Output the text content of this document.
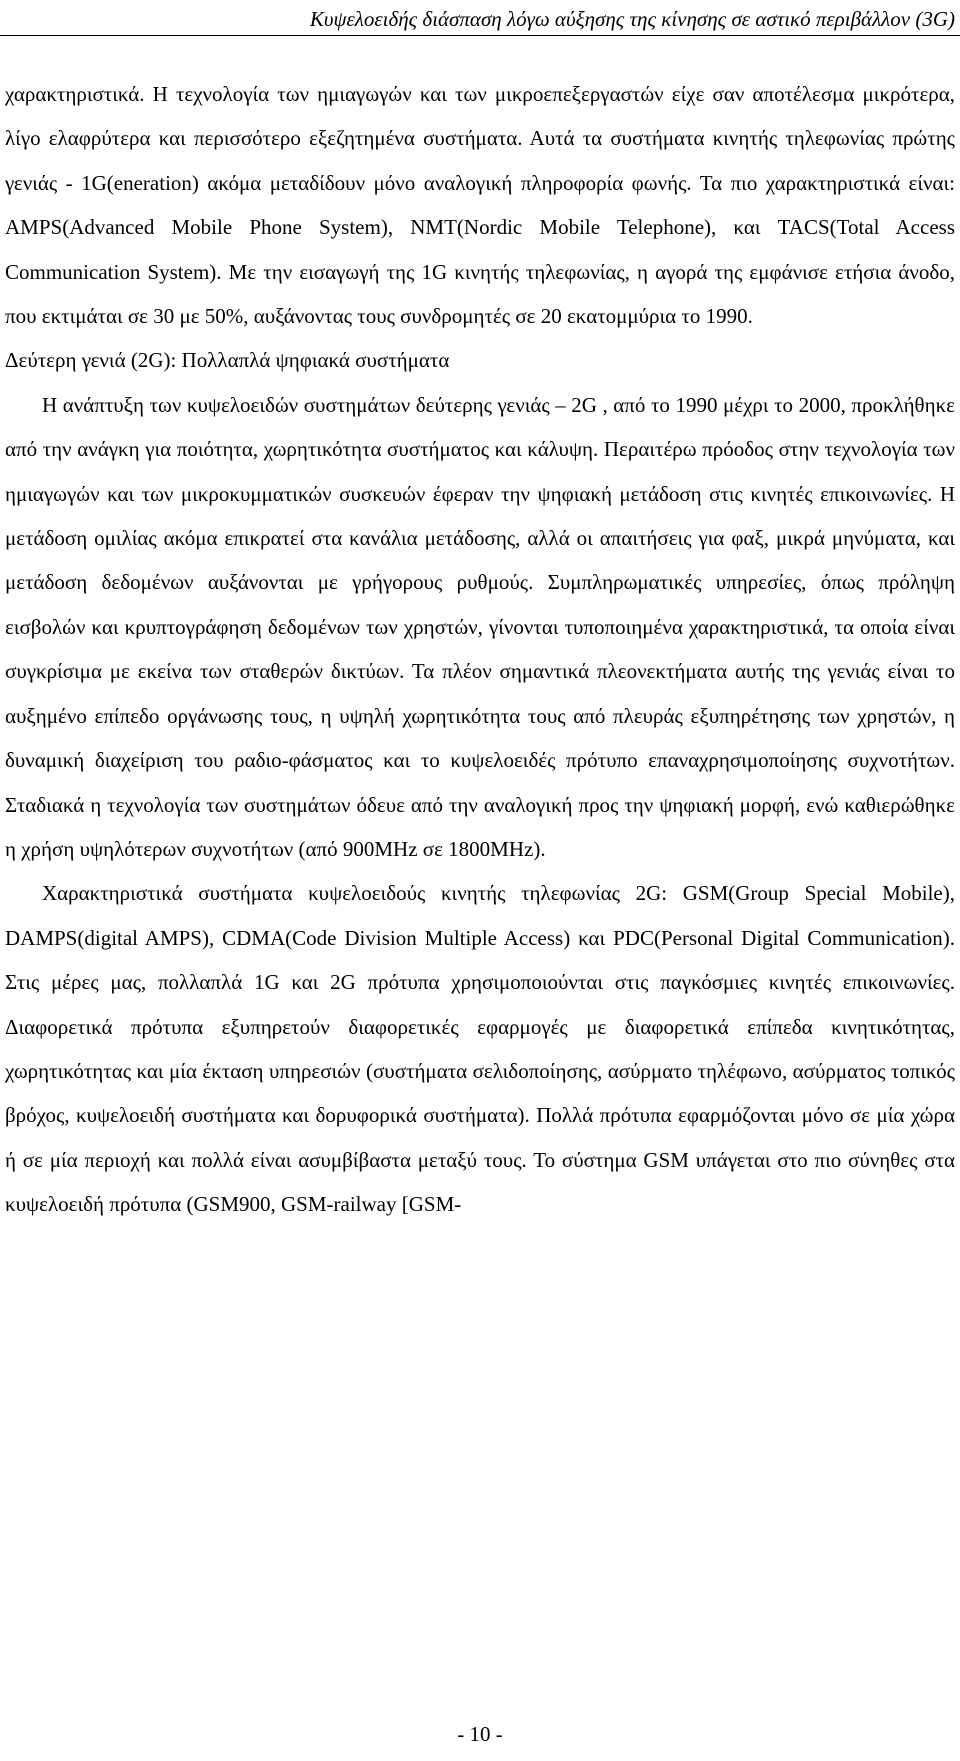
Κυψελοειδής διάσπαση λόγω αύξησης της κίνησης σε αστικό περιβάλλον (3G)

χαρακτηριστικά. Η τεχνολογία των ημιαγωγών και των μικροεπεξεργαστών είχε σαν αποτέλεσμα μικρότερα, λίγο ελαφρύτερα και περισσότερο εξεζητημένα συστήματα. Αυτά τα συστήματα κινητής τηλεφωνίας πρώτης γενιάς - 1G(eneration) ακόμα μεταδίδουν μόνο αναλογική πληροφορία φωνής. Τα πιο χαρακτηριστικά είναι: AMPS(Advanced Mobile Phone System), NMT(Nordic Mobile Telephone), και TACS(Total Access Communication System). Με την εισαγωγή της 1G κινητής τηλεφωνίας, η αγορά της εμφάνισε ετήσια άνοδο, που εκτιμάται σε 30 με 50%, αυξάνοντας τους συνδρομητές σε 20 εκατομμύρια το 1990.

Δεύτερη γενιά (2G): Πολλαπλά ψηφιακά συστήματα

Η ανάπτυξη των κυψελοειδών συστημάτων δεύτερης γενιάς – 2G , από το 1990 μέχρι το 2000, προκλήθηκε από την ανάγκη για ποιότητα, χωρητικότητα συστήματος και κάλυψη. Περαιτέρω πρόοδος στην τεχνολογία των ημιαγωγών και των μικροκυμματικών συσκευών έφεραν την ψηφιακή μετάδοση στις κινητές επικοινωνίες. Η μετάδοση ομιλίας ακόμα επικρατεί στα κανάλια μετάδοσης, αλλά οι απαιτήσεις για φαξ, μικρά μηνύματα, και μετάδοση δεδομένων αυξάνονται με γρήγορους ρυθμούς. Συμπληρωματικές υπηρεσίες, όπως πρόληψη εισβολών και κρυπτογράφηση δεδομένων των χρηστών, γίνονται τυποποιημένα χαρακτηριστικά, τα οποία είναι συγκρίσιμα με εκείνα των σταθερών δικτύων. Τα πλέον σημαντικά πλεονεκτήματα αυτής της γενιάς είναι το αυξημένο επίπεδο οργάνωσης τους, η υψηλή χωρητικότητα τους από πλευράς εξυπηρέτησης των χρηστών, η δυναμική διαχείριση του ραδιο-φάσματος και το κυψελοειδές πρότυπο επαναχρησιμοποίησης συχνοτήτων. Σταδιακά η τεχνολογία των συστημάτων όδευε από την αναλογική προς την ψηφιακή μορφή, ενώ καθιερώθηκε η χρήση υψηλότερων συχνοτήτων (από 900MHz σε 1800MHz).

Χαρακτηριστικά συστήματα κυψελοειδούς κινητής τηλεφωνίας 2G: GSM(Group Special Mobile), DAMPS(digital AMPS), CDMA(Code Division Multiple Access) και PDC(Personal Digital Communication). Στις μέρες μας, πολλαπλά 1G και 2G πρότυπα χρησιμοποιούνται στις παγκόσμιες κινητές επικοινωνίες. Διαφορετικά πρότυπα εξυπηρετούν διαφορετικές εφαρμογές με διαφορετικά επίπεδα κινητικότητας, χωρητικότητας και μία έκταση υπηρεσιών (συστήματα σελιδοποίησης, ασύρματο τηλέφωνο, ασύρματος τοπικός βρόχος, κυψελοειδή συστήματα και δορυφορικά συστήματα). Πολλά πρότυπα εφαρμόζονται μόνο σε μία χώρα ή σε μία περιοχή και πολλά είναι ασυμβίβαστα μεταξύ τους. Το σύστημα GSM υπάγεται στο πιο σύνηθες στα κυψελοειδή πρότυπα (GSM900, GSM-railway [GSM-

- 10 -
